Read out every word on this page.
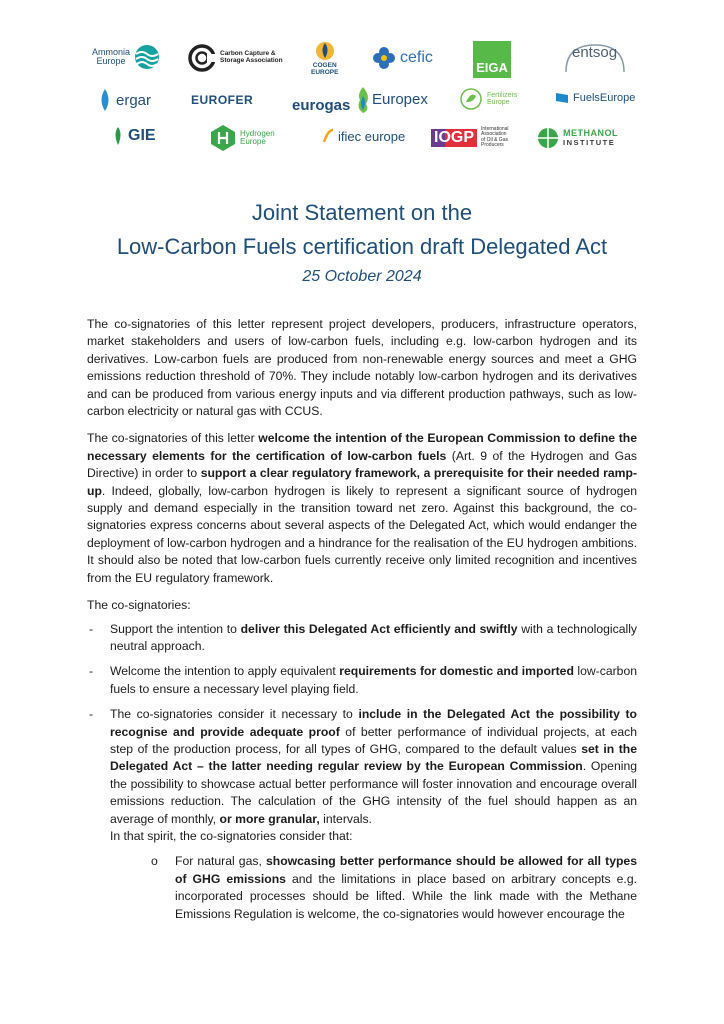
Ammonia
Europe
Carbon Capture &
Storage Association
COGEN
EUROPE
cefic
EIGA
entsog
ergar	EUROFER	eurogas Europex	Fertilizers
Europe	FuelsEurope
GIE	Hydrogen
Europe	ifiec europe IOGP	International
Association
of Oil & Gas
Producers
METHANOL
INSTITUTE
Joint Statement on the
Low-Carbon Fuels certification draft Delegated Act
25 October 2024

The co-signatories of this letter represent project developers, producers, infrastructure operators, market stakeholders and users of low-carbon fuels, including e.g. low-carbon hydrogen and its derivatives. Low-carbon fuels are produced from non-renewable energy sources and meet a GHG emissions reduction threshold of 70%. They include notably low-carbon hydrogen and its derivatives and can be produced from various energy inputs and via different production pathways, such as low-carbon electricity or natural gas with CCUS.

The co-signatories of this letter welcome the intention of the European Commission to define the necessary elements for the certification of low-carbon fuels (Art. 9 of the Hydrogen and Gas Directive) in order to support a clear regulatory framework, a prerequisite for their needed ramp-up. Indeed, globally, low-carbon hydrogen is likely to represent a significant source of hydrogen supply and demand especially in the transition toward net zero. Against this background, the co-signatories express concerns about several aspects of the Delegated Act, which would endanger the deployment of low-carbon hydrogen and a hindrance for the realisation of the EU hydrogen ambitions. It should also be noted that low-carbon fuels currently receive only limited recognition and incentives from the EU regulatory framework.

The co-signatories:

- Support the intention to deliver this Delegated Act efficiently and swiftly with a technologically neutral approach.
- Welcome the intention to apply equivalent requirements for domestic and imported low-carbon fuels to ensure a necessary level playing field.
- The co-signatories consider it necessary to include in the Delegated Act the possibility to recognise and provide adequate proof of better performance of individual projects, at each step of the production process, for all types of GHG, compared to the default values set in the Delegated Act – the latter needing regular review by the European Commission. Opening the possibility to showcase actual better performance will foster innovation and encourage overall emissions reduction. The calculation of the GHG intensity of the fuel should happen as an average of monthly, or more granular, intervals.
In that spirit, the co-signatories consider that:
o For natural gas, showcasing better performance should be allowed for all types of GHG emissions and the limitations in place based on arbitrary concepts e.g. incorporated processes should be lifted. While the link made with the Methane Emissions Regulation is welcome, the co-signatories would however encourage the
